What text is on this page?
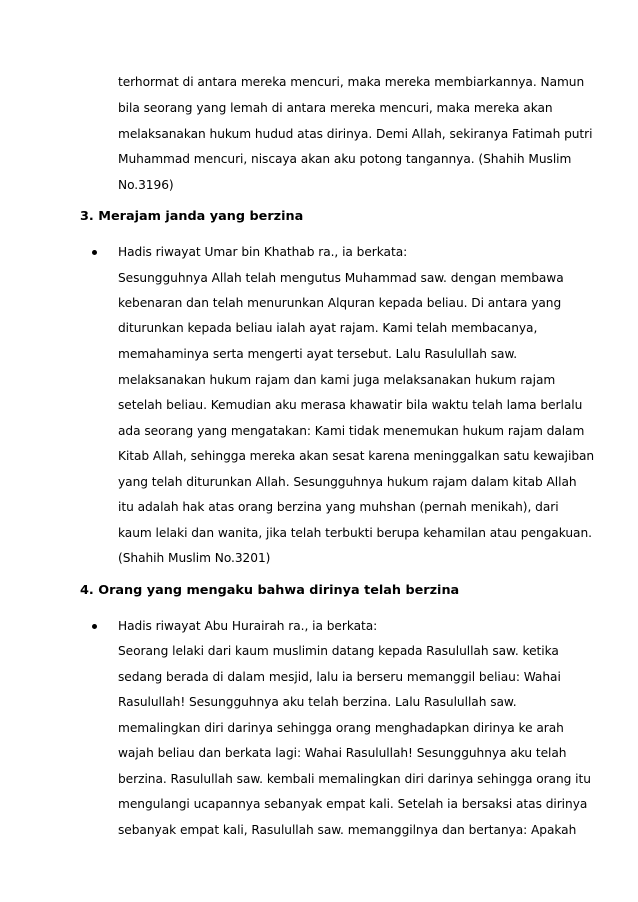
terhormat di antara mereka mencuri, maka mereka membiarkannya. Namun
bila seorang yang lemah di antara mereka mencuri, maka mereka akan
melaksanakan hukum hudud atas dirinya. Demi Allah, sekiranya Fatimah putri
Muhammad mencuri, niscaya akan aku potong tangannya. (Shahih Muslim
No.3196)
3. Merajam janda yang berzina
Hadis riwayat Umar bin Khathab ra., ia berkata:
Sesungguhnya Allah telah mengutus Muhammad saw. dengan membawa
kebenaran dan telah menurunkan Alquran kepada beliau. Di antara yang
diturunkan kepada beliau ialah ayat rajam. Kami telah membacanya,
memahaminya serta mengerti ayat tersebut. Lalu Rasulullah saw.
melaksanakan hukum rajam dan kami juga melaksanakan hukum rajam
setelah beliau. Kemudian aku merasa khawatir bila waktu telah lama berlalu
ada seorang yang mengatakan: Kami tidak menemukan hukum rajam dalam
Kitab Allah, sehingga mereka akan sesat karena meninggalkan satu kewajiban
yang telah diturunkan Allah. Sesungguhnya hukum rajam dalam kitab Allah
itu adalah hak atas orang berzina yang muhshan (pernah menikah), dari
kaum lelaki dan wanita, jika telah terbukti berupa kehamilan atau pengakuan.
(Shahih Muslim No.3201)
4. Orang yang mengaku bahwa dirinya telah berzina
Hadis riwayat Abu Hurairah ra., ia berkata:
Seorang lelaki dari kaum muslimin datang kepada Rasulullah saw. ketika
sedang berada di dalam mesjid, lalu ia berseru memanggil beliau: Wahai
Rasulullah! Sesungguhnya aku telah berzina. Lalu Rasulullah saw.
memalingkan diri darinya sehingga orang menghadapkan dirinya ke arah
wajah beliau dan berkata lagi: Wahai Rasulullah! Sesungguhnya aku telah
berzina. Rasulullah saw. kembali memalingkan diri darinya sehingga orang itu
mengulangi ucapannya sebanyak empat kali. Setelah ia bersaksi atas dirinya
sebanyak empat kali, Rasulullah saw. memanggilnya dan bertanya: Apakah
